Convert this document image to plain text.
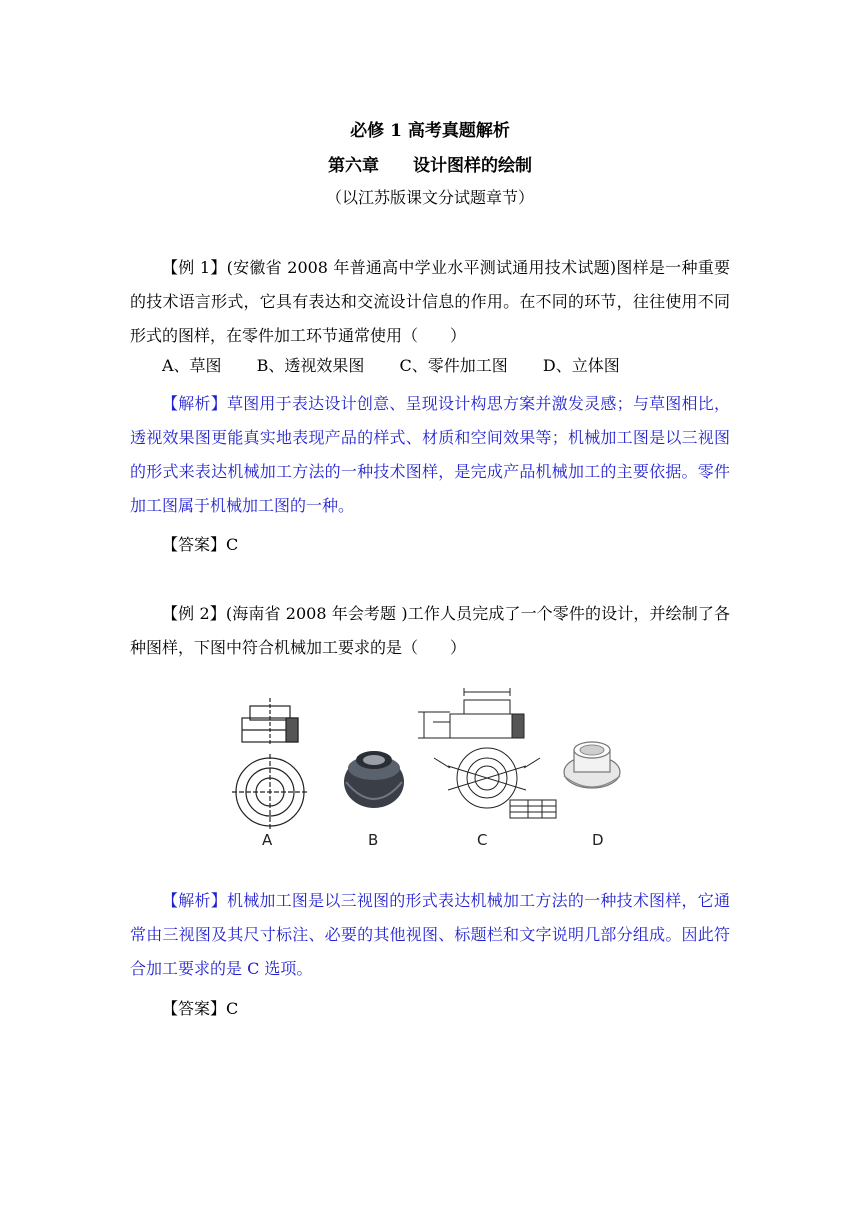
必修 1 高考真题解析
第六章 设计图样的绘制
（以江苏版课文分试题章节）
【例 1】(安徽省 2008 年普通高中学业水平测试通用技术试题)图样是一种重要的技术语言形式，它具有表达和交流设计信息的作用。在不同的环节，往往使用不同形式的图样，在零件加工环节通常使用（　　）
A、草图 B、透视效果图 C、零件加工图 D、立体图
【解析】草图用于表达设计创意、呈现设计构思方案并激发灵感；与草图相比，透视效果图更能真实地表现产品的样式、材质和空间效果等；机械加工图是以三视图的形式来表达机械加工方法的一种技术图样，是完成产品机械加工的主要依据。零件加工图属于机械加工图的一种。
【答案】C
【例 2】(海南省 2008 年会考题 )工作人员完成了一个零件的设计，并绘制了各种图样，下图中符合机械加工要求的是（　　）
A	B	C	D
【解析】机械加工图是以三视图的形式表达机械加工方法的一种技术图样，它通常由三视图及其尺寸标注、必要的其他视图、标题栏和文字说明几部分组成。因此符合加工要求的是 C 选项。
【答案】C
